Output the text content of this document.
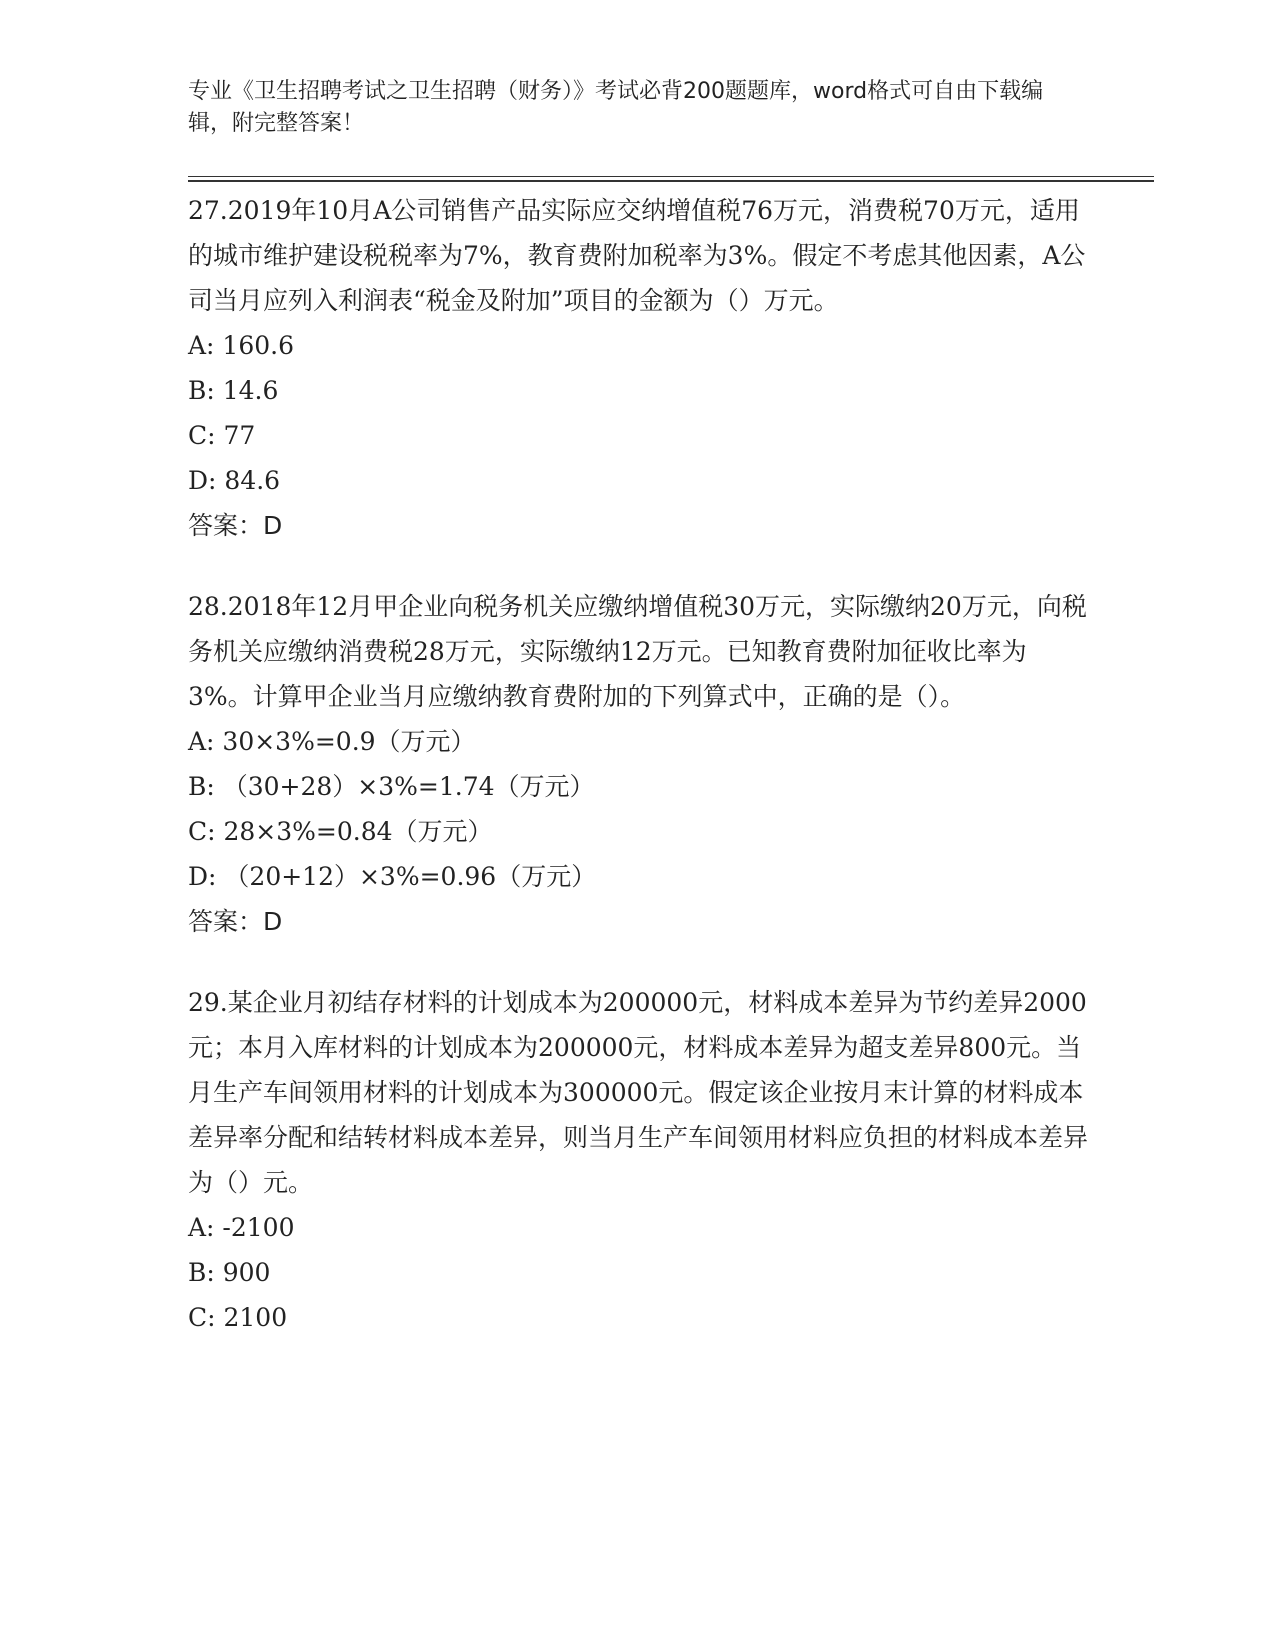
专业《卫生招聘考试之卫生招聘（财务）》考试必背200题题库，word格式可自由下载编辑，附完整答案！

27.2019年10月A公司销售产品实际应交纳增值税76万元，消费税70万元，适用的城市维护建设税税率为7%，教育费附加税率为3%。假定不考虑其他因素，A公司当月应列入利润表“税金及附加”项目的金额为（）万元。

A: 160.6

B: 14.6

C: 77

D: 84.6

答案：D

28.2018年12月甲企业向税务机关应缴纳增值税30万元，实际缴纳20万元，向税务机关应缴纳消费税28万元，实际缴纳12万元。已知教育费附加征收比率为3%。计算甲企业当月应缴纳教育费附加的下列算式中，正确的是（）。

A: 30×3%=0.9（万元）

B: （30+28）×3%=1.74（万元）

C: 28×3%=0.84（万元）

D: （20+12）×3%=0.96（万元）

答案：D

29.某企业月初结存材料的计划成本为200000元，材料成本差异为节约差异2000元；本月入库材料的计划成本为200000元，材料成本差异为超支差异800元。当月生产车间领用材料的计划成本为300000元。假定该企业按月末计算的材料成本差异率分配和结转材料成本差异，则当月生产车间领用材料应负担的材料成本差异为（）元。

A: -2100

B: 900

C: 2100
